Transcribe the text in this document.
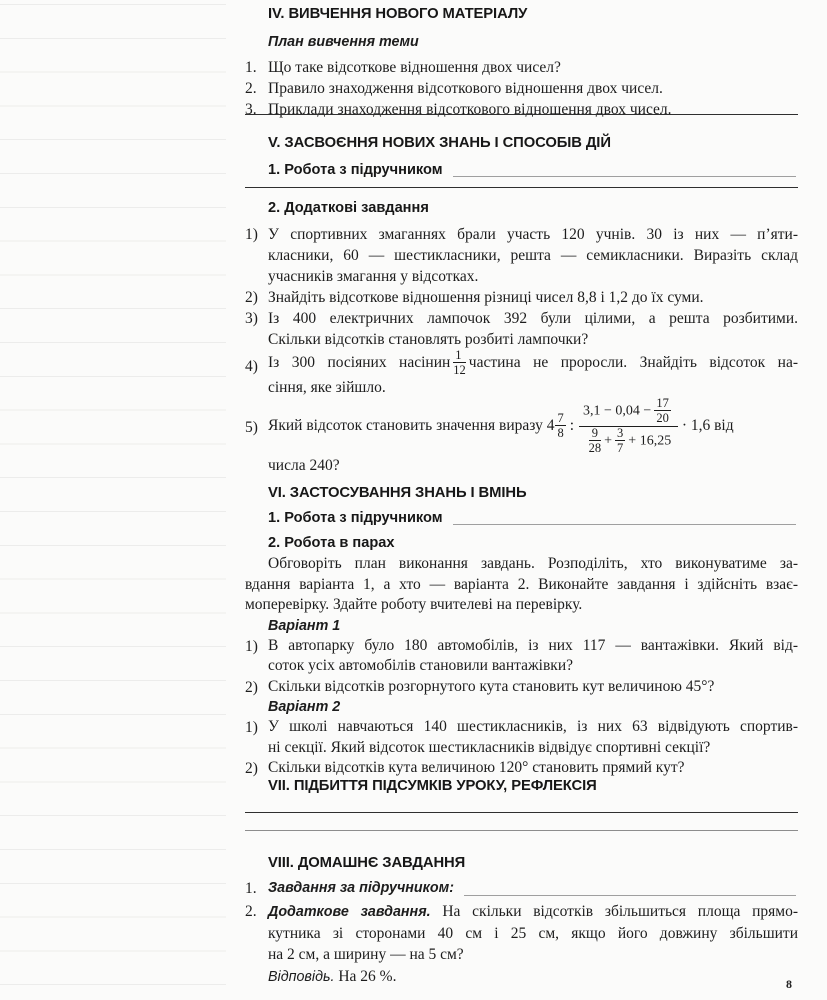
IV. ВИВЧЕННЯ НОВОГО МАТЕРІАЛУ
План вивчення теми
1. Що таке відсоткове відношення двох чисел?
2. Правило знаходження відсоткового відношення двох чисел.
3. Приклади знаходження відсоткового відношення двох чисел.
V. ЗАСВОЄННЯ НОВИХ ЗНАНЬ І СПОСОБІВ ДІЙ
1. Робота з підручником
2. Додаткові завдання
1) У спортивних змаганнях брали участь 120 учнів. 30 із них — п’яти-
класники, 60 — шестикласники, решта — семикласники. Виразіть склад
учасників змагання у відсотках.
2) Знайдіть відсоткове відношення різниці чисел 8,8 і 1,2 до їх суми.
3) Із 400 електричних лампочок 392 були цілими, а решта розбитими.
Скільки відсотків становлять розбиті лампочки?
4) Із 300 посіяних насінин $\frac{1}{12}$ частина не проросли. Знайдіть відсоток на-
сіння, яке зійшло.
5) Який відсоток становить значення виразу $4 \frac{7}{8}$ : $\frac{3,1 - 0,04 - \frac{17}{20}}{\frac{9}{28} + \frac{3}{7} + 16,25} \cdot 1,6$ від
числа 240?
VI. ЗАСТОСУВАННЯ ЗНАНЬ І ВМІНЬ
1. Робота з підручником
2. Робота в парах
Обговоріть план виконання завдань. Розподіліть, хто виконуватиме за-
вдання варіанта 1, а хто — варіанта 2. Виконайте завдання і здійсніть взає-
моперевірку. Здайте роботу вчителеві на перевірку.
Варіант 1
1) В автопарку було 180 автомобілів, із них 117 — вантажівки. Який від-
соток усіх автомобілів становили вантажівки?
2) Скільки відсотків розгорнутого кута становить кут величиною 45°?
Варіант 2
1) У школі навчаються 140 шестикласників, із них 63 відвідують спортив-
ні секції. Який відсоток шестикласників відвідує спортивні секції?
2) Скільки відсотків кута величиною 120° становить прямий кут?
VII. ПІДБИТТЯ ПІДСУМКІВ УРОКУ, РЕФЛЕКСІЯ
VIII. ДОМАШНЄ ЗАВДАННЯ
1. Завдання за підручником:
2. Додаткове завдання. На скільки відсотків збільшиться площа прямо-
кутника зі сторонами 40 см і 25 см, якщо його довжину збільшити
на 2 см, а ширину — на 5 см?
Відповідь. На 26 %.	8
